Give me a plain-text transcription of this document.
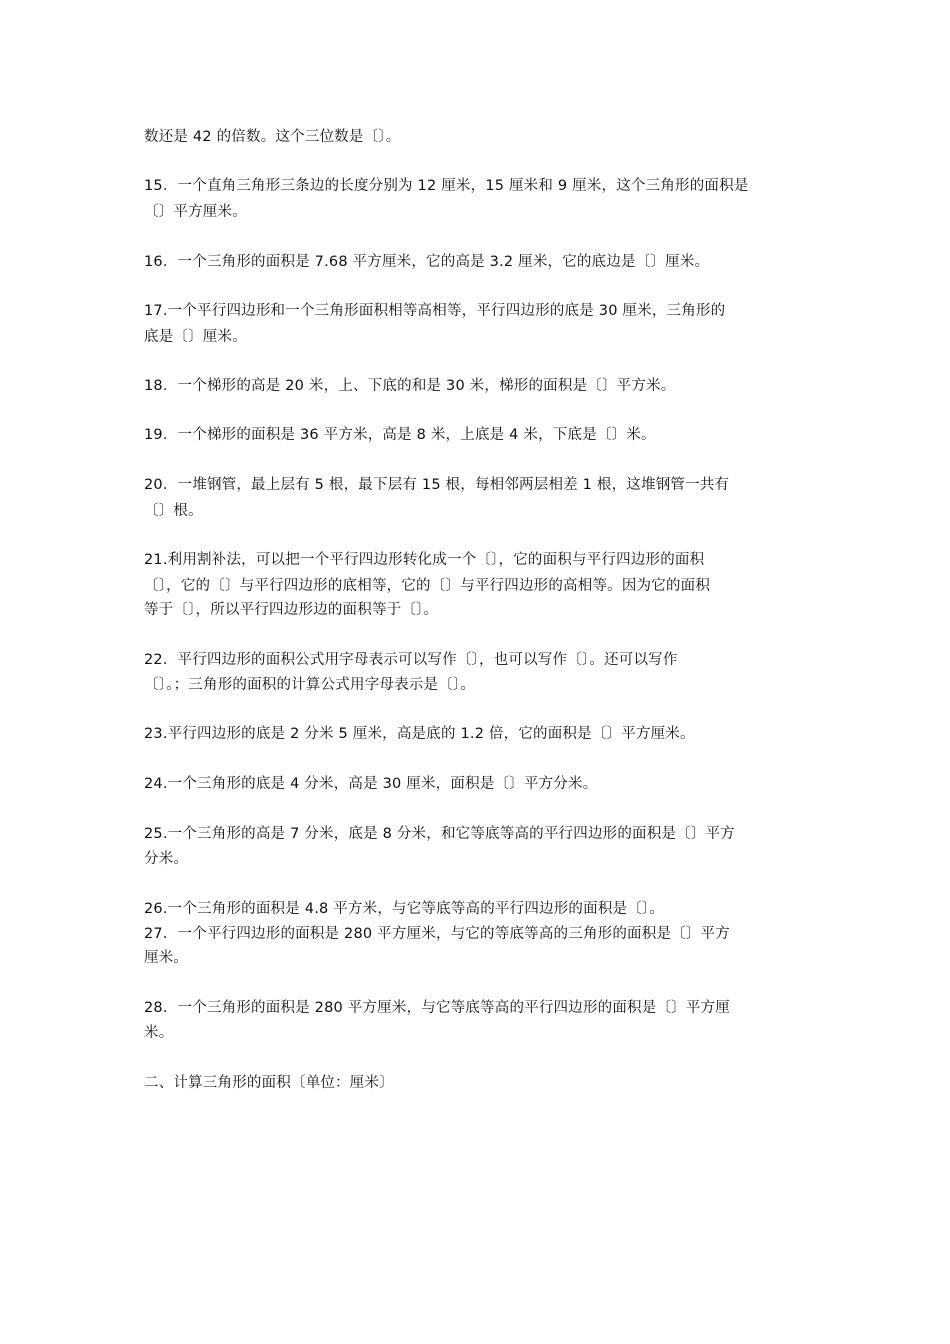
数还是 42 的倍数。这个三位数是〔〕。
15．一个直角三角形三条边的长度分别为 12 厘米，15 厘米和 9 厘米，这个三角形的面积是
〔〕平方厘米。
16．一个三角形的面积是 7.68 平方厘米，它的高是 3.2 厘米，它的底边是〔〕厘米。
17.一个平行四边形和一个三角形面积相等高相等，平行四边形的底是 30 厘米，三角形的
底是〔〕厘米。
18．一个梯形的高是 20 米，上、下底的和是 30 米，梯形的面积是〔〕平方米。
19．一个梯形的面积是 36 平方米，高是 8 米，上底是 4 米，下底是〔〕米。
20．一堆钢管，最上层有 5 根，最下层有 15 根，每相邻两层相差 1 根，这堆钢管一共有
〔〕根。
21.利用割补法，可以把一个平行四边形转化成一个〔〕，它的面积与平行四边形的面积
〔〕，它的〔〕与平行四边形的底相等，它的〔〕与平行四边形的高相等。因为它的面积
等于〔〕，所以平行四边形边的面积等于〔〕。
22．平行四边形的面积公式用字母表示可以写作〔〕，也可以写作〔〕。还可以写作
〔〕。；三角形的面积的计算公式用字母表示是〔〕。
23.平行四边形的底是 2 分米 5 厘米，高是底的 1.2 倍，它的面积是〔〕平方厘米。
24.一个三角形的底是 4 分米，高是 30 厘米，面积是〔〕平方分米。
25.一个三角形的高是 7 分米，底是 8 分米，和它等底等高的平行四边形的面积是〔〕平方
分米。
26.一个三角形的面积是 4.8 平方米，与它等底等高的平行四边形的面积是〔〕。
27．一个平行四边形的面积是 280 平方厘米，与它的等底等高的三角形的面积是〔〕平方
厘米。
28．一个三角形的面积是 280 平方厘米，与它等底等高的平行四边形的面积是〔〕平方厘
米。
二、计算三角形的面积〔单位：厘米〕
